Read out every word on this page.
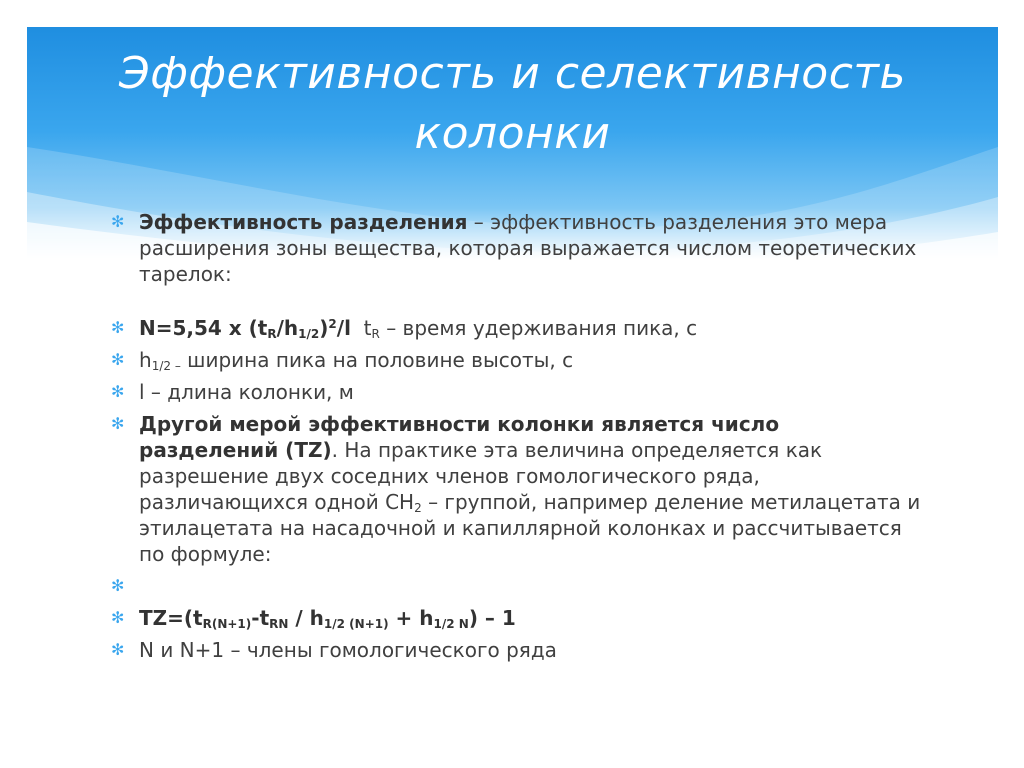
Эффективность и селективность
колонки
✻ Эффективность разделения – эффективность разделения это мера расширения зоны вещества, которая выражается числом теоретических тарелок:
✻ N=5,54 х $(t_R/h_{1/2})^2/l$ $t_R$ – время удерживания пика, с
✻ $h_{1/2 -}$ ширина пика на половине высоты, с
✻ l – длина колонки, м
✻ Другой мерой эффективности колонки является число разделений (TZ). На практике эта величина определяется как разрешение двух соседних членов гомологического ряда, различающихся одной $СН_2$ – группой, например деление метилацетата и этилацетата на насадочной и капиллярной колонках и рассчитывается по формуле:
✻
✻ $TZ=(t_{R(N+1)}-t_{RN} / h_{1/2 (N+1)} + h_{1/2 N}) - 1$
✻ N и N+1 – члены гомологического ряда
